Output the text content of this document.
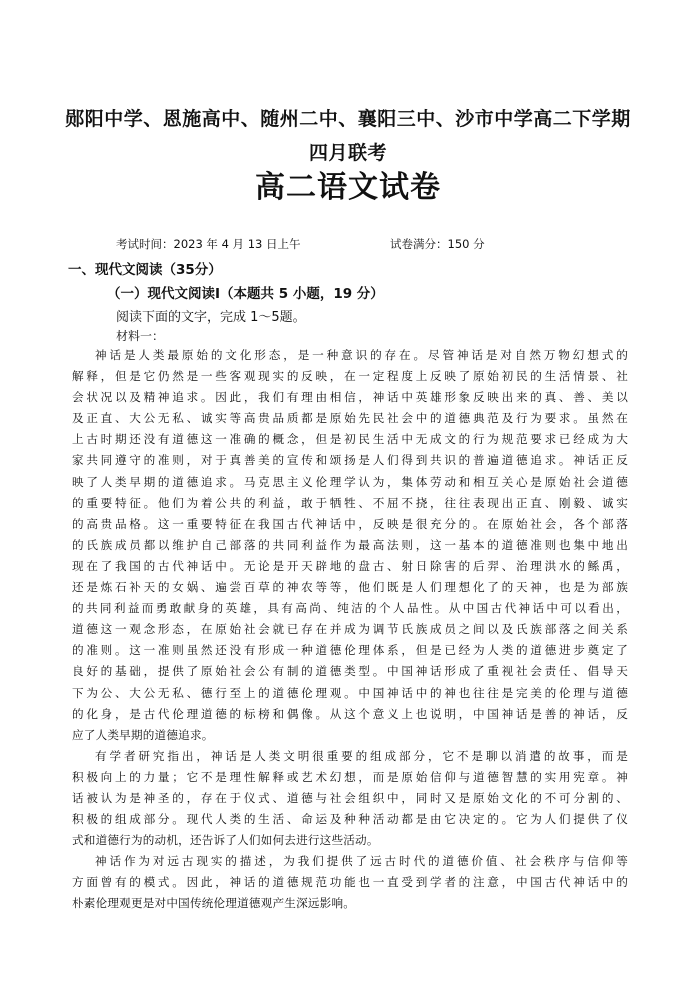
郧阳中学、恩施高中、随州二中、襄阳三中、沙市中学高二下学期
四月联考
高二语文试卷
考试时间：2023 年 4 月 13 日上午	试卷满分：150 分
一、现代文阅读（35分）
（一）现代文阅读Ⅰ（本题共 5 小题，19 分）
阅读下面的文字，完成 1～5题。
材料一：
神话是人类最原始的文化形态，是一种意识的存在。尽管神话是对自然万物幻想式的
解释，但是它仍然是一些客观现实的反映，在一定程度上反映了原始初民的生活情景、社
会状况以及精神追求。因此，我们有理由相信，神话中英雄形象反映出来的真、善、美以
及正直、大公无私、诚实等高贵品质都是原始先民社会中的道德典范及行为要求。虽然在
上古时期还没有道德这一准确的概念，但是初民生活中无成文的行为规范要求已经成为大
家共同遵守的准则，对于真善美的宣传和颂扬是人们得到共识的普遍道德追求。神话正反
映了人类早期的道德追求。马克思主义伦理学认为，集体劳动和相互关心是原始社会道德
的重要特征。他们为着公共的利益，敢于牺牲、不屈不挠，往往表现出正直、刚毅、诚实
的高贵品格。这一重要特征在我国古代神话中，反映是很充分的。在原始社会，各个部落
的氏族成员都以维护自己部落的共同利益作为最高法则，这一基本的道德准则也集中地出
现在了我国的古代神话中。无论是开天辟地的盘古、射日除害的后羿、治理洪水的鲧禹，
还是炼石补天的女娲、遍尝百草的神农等等，他们既是人们理想化了的天神，也是为部族
的共同利益而勇敢献身的英雄，具有高尚、纯洁的个人品性。从中国古代神话中可以看出，
道德这一观念形态，在原始社会就已存在并成为调节氏族成员之间以及氏族部落之间关系
的准则。这一准则虽然还没有形成一种道德伦理体系，但是已经为人类的道德进步奠定了
良好的基础，提供了原始社会公有制的道德类型。中国神话形成了重视社会责任、倡导天
下为公、大公无私、德行至上的道德伦理观。中国神话中的神也往往是完美的伦理与道德
的化身，是古代伦理道德的标榜和偶像。从这个意义上也说明，中国神话是善的神话，反
应了人类早期的道德追求。
有学者研究指出，神话是人类文明很重要的组成部分，它不是聊以消遣的故事，而是
积极向上的力量；它不是理性解释或艺术幻想，而是原始信仰与道德智慧的实用宪章。神
话被认为是神圣的，存在于仪式、道德与社会组织中，同时又是原始文化的不可分割的、
积极的组成部分。现代人类的生活、命运及种种活动都是由它决定的。它为人们提供了仪
式和道德行为的动机，还告诉了人们如何去进行这些活动。
神话作为对远古现实的描述，为我们提供了远古时代的道德价值、社会秩序与信仰等
方面曾有的模式。因此，神话的道德规范功能也一直受到学者的注意，中国古代神话中的
朴素伦理观更是对中国传统伦理道德观产生深远影响。
